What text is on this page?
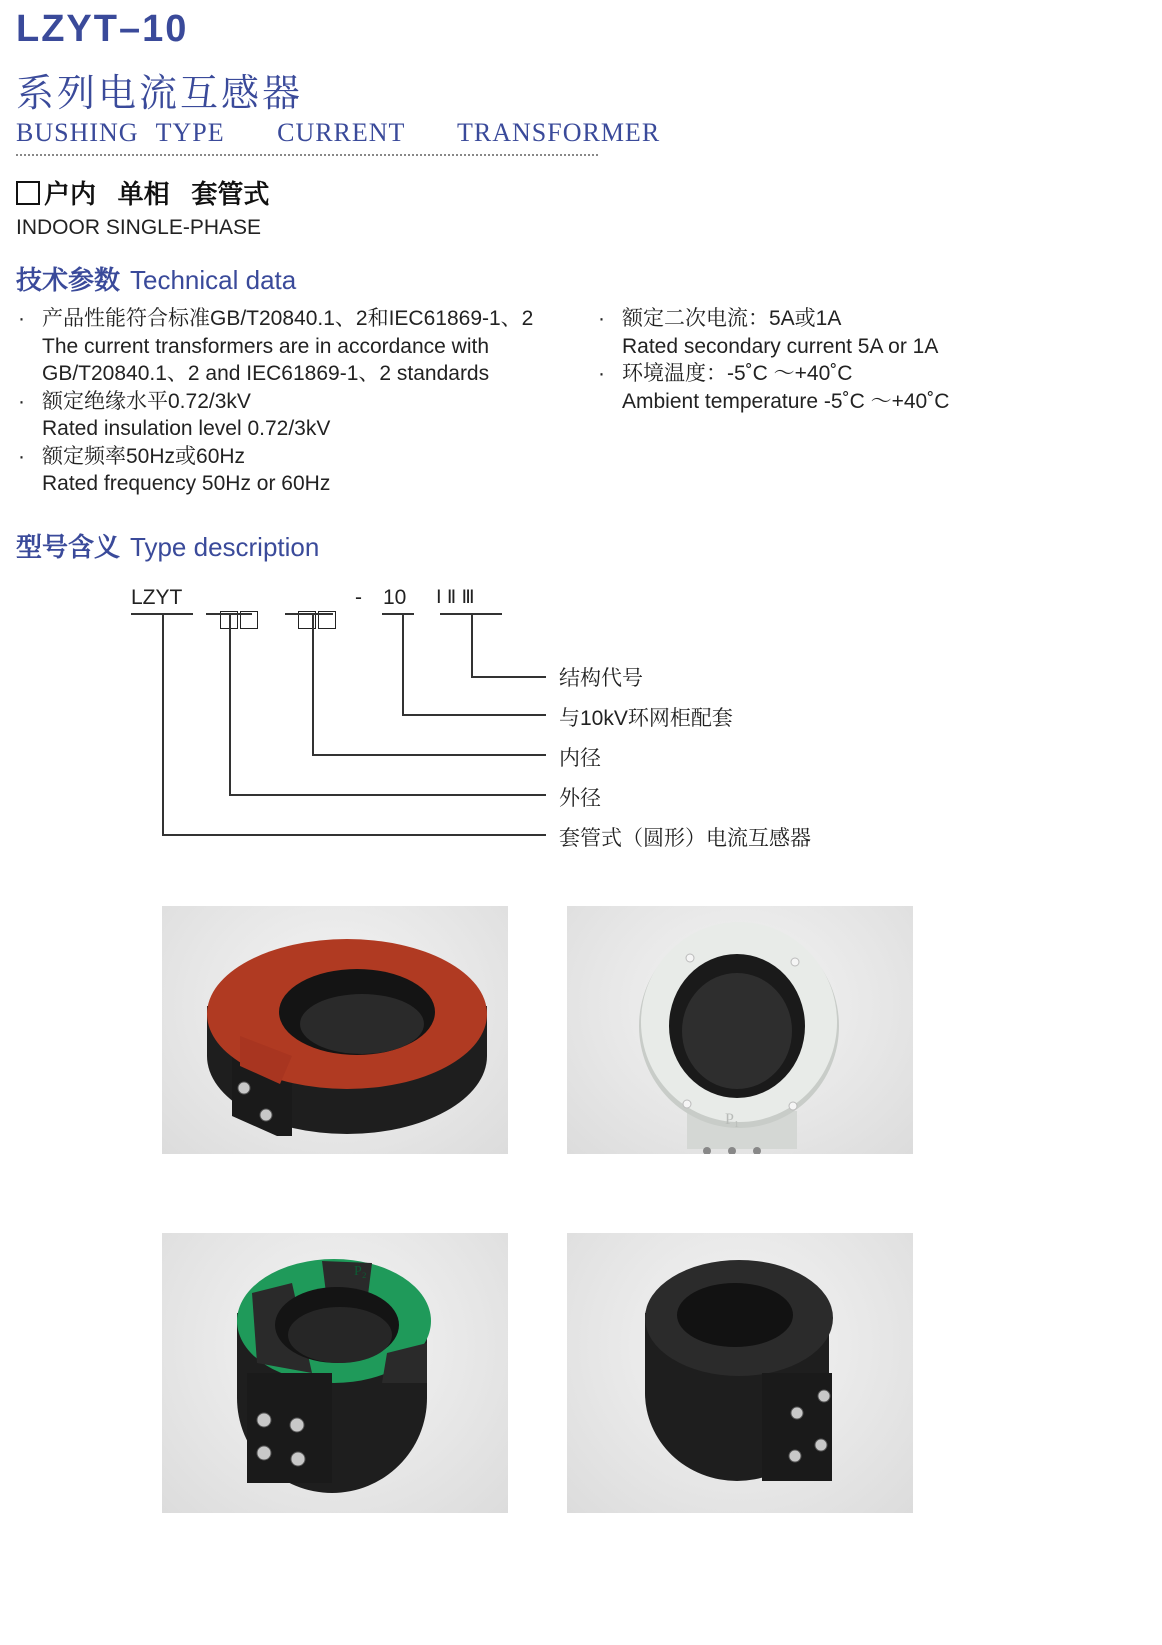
LZYT–10
系列电流互感器
BUSHING TYPE   CURRENT   TRANSFORMER
户内   单相   套管式
INDOOR SINGLE-PHASE
技术参数 Technical data
· 产品性能符合标准GB/T20840.1、2和IEC61869-1、2
The current transformers are in accordance with
GB/T20840.1、2 and IEC61869-1、2 standards
· 额定绝缘水平0.72/3kV
Rated insulation level 0.72/3kV
· 额定频率50Hz或60Hz
Rated frequency 50Hz or 60Hz
· 额定二次电流：5A或1A
Rated secondary current 5A or 1A
· 环境温度：-5˚C ～+40˚C
Ambient temperature -5˚C ～+40˚C
型号含义 Type description
LZYT

	- 10 Ⅰ Ⅱ Ⅲ
结构代号
与10kV环网柜配套
内径
外径
套管式（圆形）电流互感器
P₁
P₂
